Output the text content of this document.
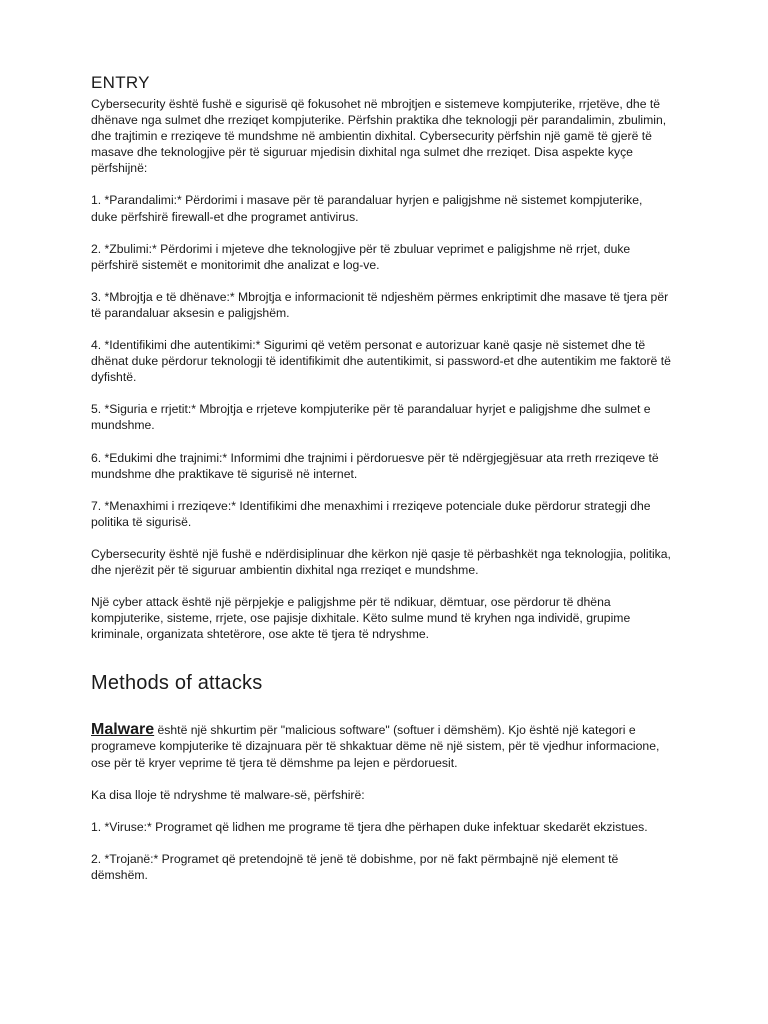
ENTRY

Cybersecurity është fushë e sigurisë që fokusohet në mbrojtjen e sistemeve kompjuterike, rrjetëve, dhe të dhënave nga sulmet dhe rreziqet kompjuterike. Përfshin praktika dhe teknologji për parandalimin, zbulimin, dhe trajtimin e rreziqeve të mundshme në ambientin dixhital. Cybersecurity përfshin një gamë të gjerë të masave dhe teknologjive për të siguruar mjedisin dixhital nga sulmet dhe rreziqet. Disa aspekte kyçe përfshijnë:

1. *Parandalimi:* Përdorimi i masave për të parandaluar hyrjen e paligjshme në sistemet kompjuterike, duke përfshirë firewall-et dhe programet antivirus.

2. *Zbulimi:* Përdorimi i mjeteve dhe teknologjive për të zbuluar veprimet e paligjshme në rrjet, duke përfshirë sistemët e monitorimit dhe analizat e log-ve.

3. *Mbrojtja e të dhënave:* Mbrojtja e informacionit të ndjeshëm përmes enkriptimit dhe masave të tjera për të parandaluar aksesin e paligjshëm.

4. *Identifikimi dhe autentikimi:* Sigurimi që vetëm personat e autorizuar kanë qasje në sistemet dhe të dhënat duke përdorur teknologji të identifikimit dhe autentikimit, si password-et dhe autentikim me faktorë të dyfishtë.

5. *Siguria e rrjetit:* Mbrojtja e rrjeteve kompjuterike për të parandaluar hyrjet e paligjshme dhe sulmet e mundshme.

6. *Edukimi dhe trajnimi:* Informimi dhe trajnimi i përdoruesve për të ndërgjegjësuar ata rreth rreziqeve të mundshme dhe praktikave të sigurisë në internet.

7. *Menaxhimi i rreziqeve:* Identifikimi dhe menaxhimi i rreziqeve potenciale duke përdorur strategji dhe politika të sigurisë.

Cybersecurity është një fushë e ndërdisiplinuar dhe kërkon një qasje të përbashkët nga teknologjia, politika, dhe njerëzit për të siguruar ambientin dixhital nga rreziqet e mundshme.

Një cyber attack është një përpjekje e paligjshme për të ndikuar, dëmtuar, ose përdorur të dhëna kompjuterike, sisteme, rrjete, ose pajisje dixhitale. Këto sulme mund të kryhen nga individë, grupime kriminale, organizata shtetërore, ose akte të tjera të ndryshme.

Methods of attacks

Malware është një shkurtim për "malicious software" (softuer i dëmshëm). Kjo është një kategori e programeve kompjuterike të dizajnuara për të shkaktuar dëme në një sistem, për të vjedhur informacione, ose për të kryer veprime të tjera të dëmshme pa lejen e përdoruesit.

Ka disa lloje të ndryshme të malware-së, përfshirë:

1. *Viruse:* Programet që lidhen me programe të tjera dhe përhapen duke infektuar skedarët ekzistues.

2. *Trojanë:* Programet që pretendojnë të jenë të dobishme, por në fakt përmbajnë një element të dëmshëm.
